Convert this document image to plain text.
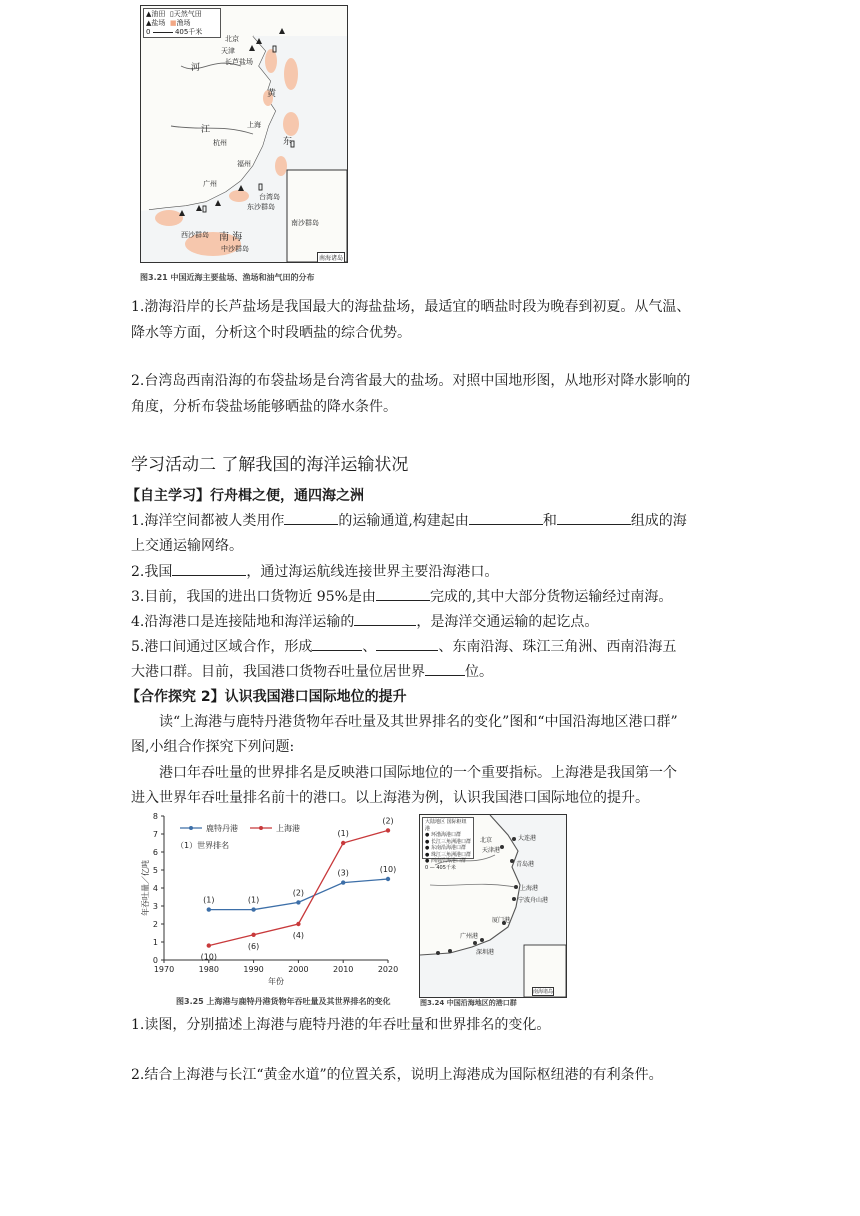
▲油田 ▯天然气田
▲盐场 ■渔场
0	405千米
北京
天津
长芦盐场
上海
杭州
福州
广州
台湾岛
东沙群岛
西沙群岛
中沙群岛
南 海
东
黄
江
河
南沙群岛
南海诸岛
图3.21 中国近海主要盐场、渔场和油气田的分布
1.渤海沿岸的长芦盐场是我国最大的海盐盐场，最适宜的晒盐时段为晚春到初夏。从气温、
降水等方面，分析这个时段晒盐的综合优势。
2.台湾岛西南沿海的布袋盐场是台湾省最大的盐场。对照中国地形图，从地形对降水影响的
角度，分析布袋盐场能够晒盐的降水条件。
学习活动二 了解我国的海洋运输状况
【自主学习】行舟楫之便，通四海之洲
1.海洋空间都被人类用作	的运输通道,构建起由	和	组成的海
上交通运输网络。
2.我国	，通过海运航线连接世界主要沿海港口。
3.目前，我国的进出口货物近 95%是由	完成的,其中大部分货物运输经过南海。
4.沿海港口是连接陆地和海洋运输的	，是海洋交通运输的起讫点。
5.港口间通过区域合作，形成	、	、东南沿海、珠江三角洲、西南沿海五
大港口群。目前，我国港口货物吞吐量位居世界	位。
【合作探究 2】认识我国港口国际地位的提升
读“上海港与鹿特丹港货物年吞吐量及其世界排名的变化”图和“中国沿海地区港口群”
图,小组合作探究下列问题:
港口年吞吐量的世界排名是反映港口国际地位的一个重要指标。上海港是我国第一个
进入世界年吞吐量排名前十的港口。以上海港为例，认识我国港口国际地位的提升。
0
1
2
3
4
5
6
7
8
1970	1980	1990	2000	2010	2020
年份
年吞吐量／亿吨
鹿特丹港	上海港
（1）世界排名
(1)	(1)
(2)
(3)	(10)
(10)
(6)
(4)
(1)
(2)
图3.25 上海港与鹿特丹港货物年吞吐量及其世界排名的变化
大陆地区 国际枢纽港
● 环渤海港口群
● 长江三角洲港口群
● 东南沿海港口群
● 珠江三角洲港口群
● 西南沿海港口群
0 — 405千米
北京
天津港
大连港
青岛港
上海港
宁波舟山港
厦门港
广州港
深圳港
南海诸岛
图3.24 中国沿海地区的港口群
1.读图，分别描述上海港与鹿特丹港的年吞吐量和世界排名的变化。
2.结合上海港与长江“黄金水道”的位置关系，说明上海港成为国际枢纽港的有利条件。
